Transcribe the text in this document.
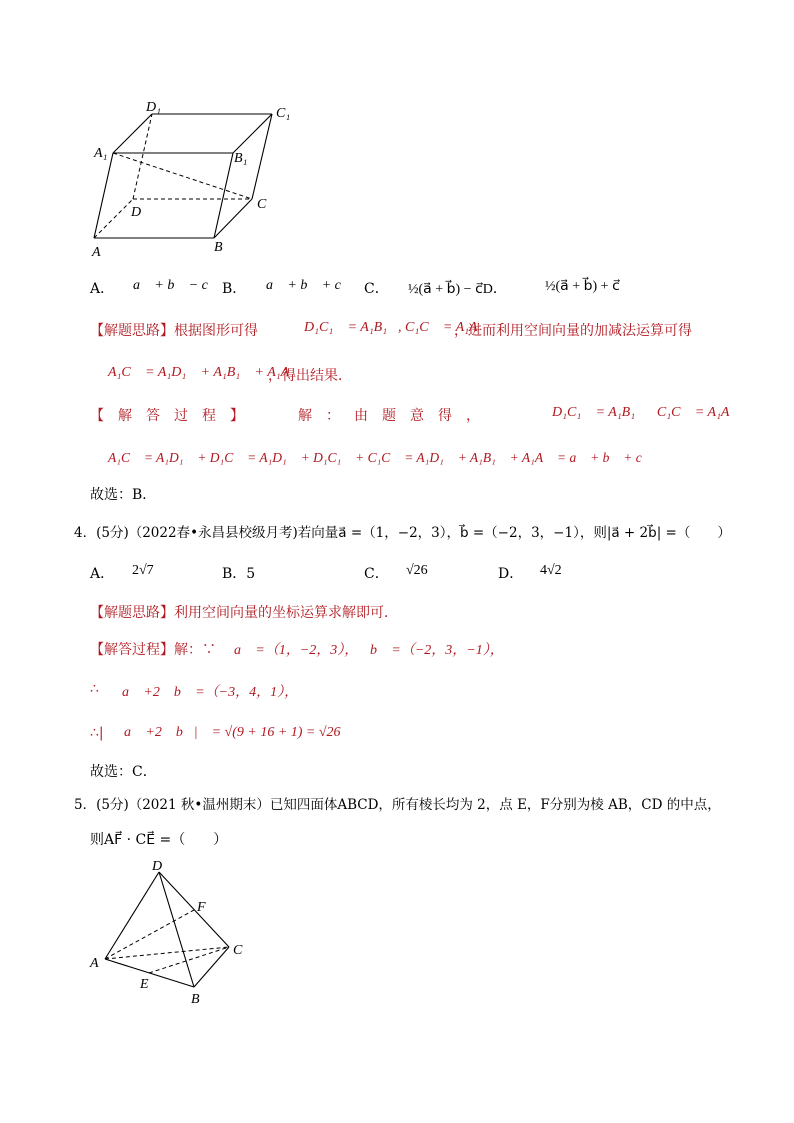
D₁	C₁
A₁	B₁
D
C
A	B
A． a⃗ + b⃗ − c⃗ B． a⃗ + b⃗ + c⃗ C． ½(a⃗ + b⃗) − c⃗D．	½(a⃗ + b⃗) + c⃗
【解题思路】根据图形可得	D₁C₁⃗ = A₁B₁⃗, C₁C⃗ = A₁A⃗
，进而利用空间向量的加减法运算可得
A₁C⃗ = A₁D₁⃗ + A₁B₁⃗ + A₁A⃗
，得出结果．
【解答过程】	解：由题意得，	D₁C₁⃗ = A₁B₁⃗，C₁C⃗ = A₁A⃗，
A₁C⃗ = A₁D₁⃗ + D₁C⃗ = A₁D₁⃗ + D₁C₁⃗ + C₁C⃗ = A₁D₁⃗ + A₁B₁⃗ + A₁A⃗ = a⃗ + b⃗ + c⃗，
故选：B．
4．(5分)（2022春•永昌县校级月考)若向量a⃗ =（1，−2，3），b⃗ =（−2，3，−1），则|a⃗ + 2b⃗| =（　　）
A． 2√7	B．5	C． √26	D． 4√2
【解题思路】利用空间向量的坐标运算求解即可．
【解答过程】解：∵ a⃗ =（1，−2，3）， b⃗ =（−2，3，−1），
∴ a⃗ +2　b⃗ =（−3，4，1），
∴| a⃗ +2　b⃗|　= √(9 + 16 + 1) = √26，
故选：C．
5．(5分)（2021 秋•温州期末）已知四面体ABCD，所有棱长均为 2，点 E，F分别为棱 AB，CD 的中点，
则AF⃗ · CE⃗ =（　　）
D
F
A
C
E
B
